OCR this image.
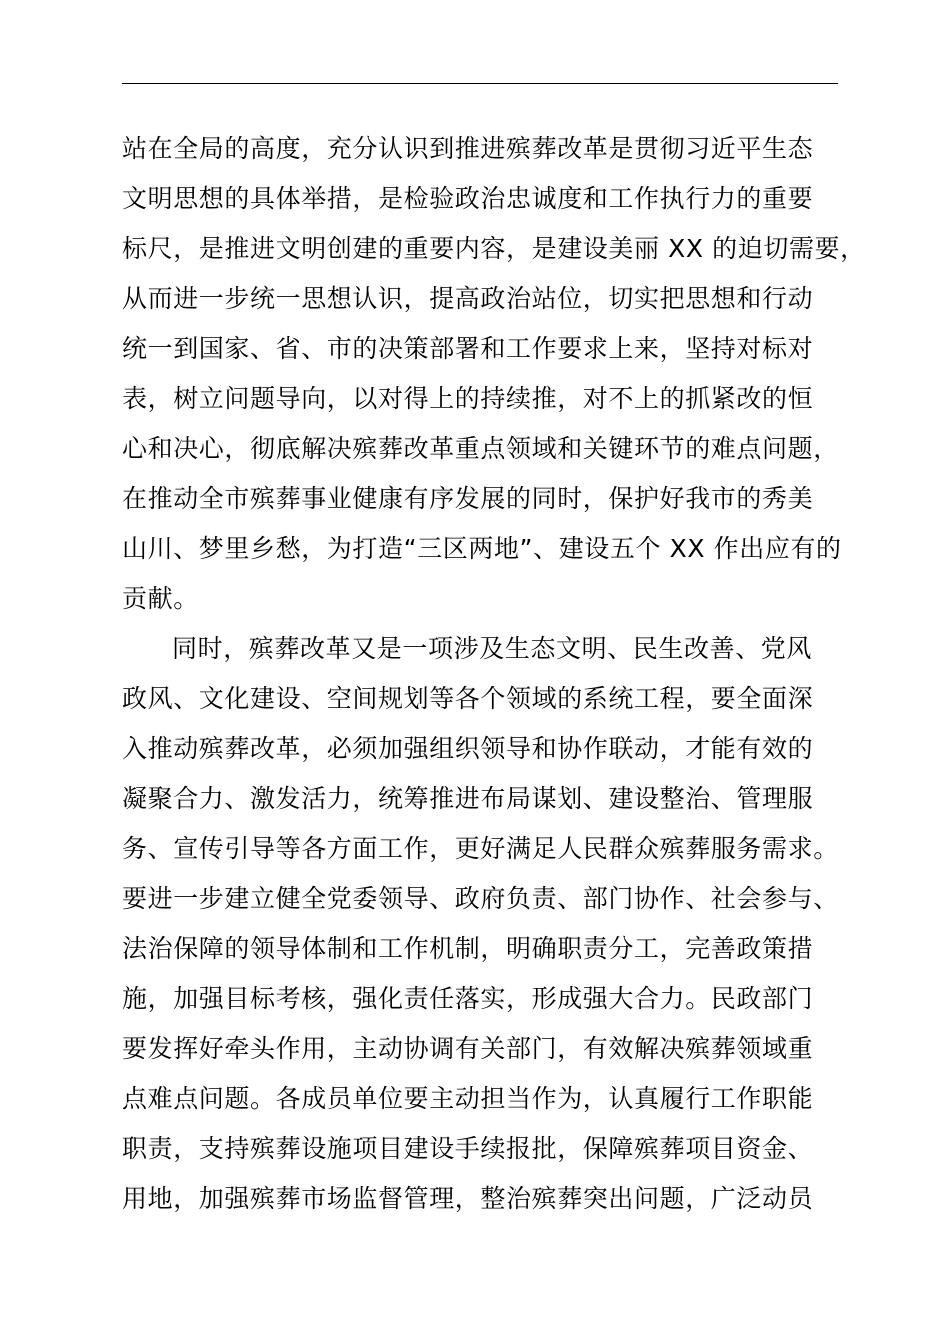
站在全局的高度，充分认识到推进殡葬改革是贯彻习近平生态
文明思想的具体举措，是检验政治忠诚度和工作执行力的重要
标尺，是推进文明创建的重要内容，是建设美丽 XX 的迫切需要，
从而进一步统一思想认识，提高政治站位，切实把思想和行动
统一到国家、省、市的决策部署和工作要求上来，坚持对标对
表，树立问题导向，以对得上的持续推，对不上的抓紧改的恒
心和决心，彻底解决殡葬改革重点领域和关键环节的难点问题，
在推动全市殡葬事业健康有序发展的同时，保护好我市的秀美
山川、梦里乡愁，为打造“三区两地”、建设五个 XX 作出应有的
贡献。
同时，殡葬改革又是一项涉及生态文明、民生改善、党风
政风、文化建设、空间规划等各个领域的系统工程，要全面深
入推动殡葬改革，必须加强组织领导和协作联动，才能有效的
凝聚合力、激发活力，统筹推进布局谋划、建设整治、管理服
务、宣传引导等各方面工作，更好满足人民群众殡葬服务需求。
要进一步建立健全党委领导、政府负责、部门协作、社会参与、
法治保障的领导体制和工作机制，明确职责分工，完善政策措
施，加强目标考核，强化责任落实，形成强大合力。民政部门
要发挥好牵头作用，主动协调有关部门，有效解决殡葬领域重
点难点问题。各成员单位要主动担当作为，认真履行工作职能
职责，支持殡葬设施项目建设手续报批，保障殡葬项目资金、
用地，加强殡葬市场监督管理，整治殡葬突出问题，广泛动员
